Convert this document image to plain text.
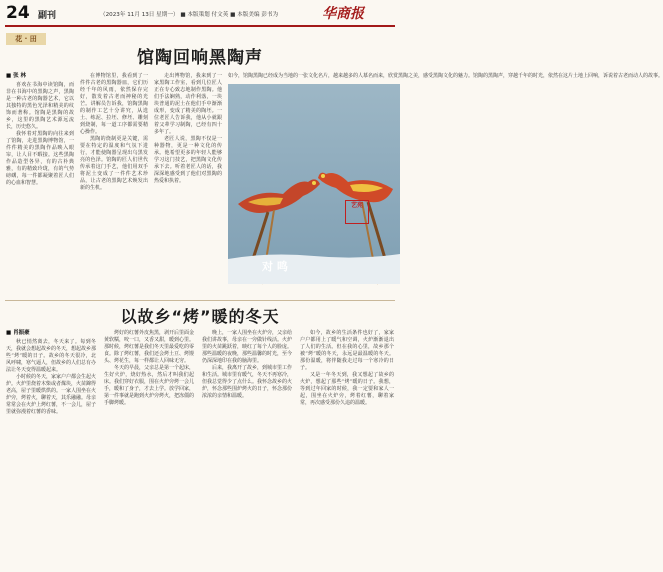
24 副刊	（2023年 11月 13日 星期一） ■ 本版策划 付文英 ■ 本版美编 彭书为	华商报
花 · 田
馆陶回响黑陶声
■ 张 林

喜欢在书海中读馆陶，而非在书海中的黑陶之声，黑陶是一种古老的陶器艺术，它以其独特的黑色光泽和精美的纹饰而著称。馆陶是黑陶的故乡，这里的黑陶艺术源远流长，历史悠久。

我怀着对黑陶的向往来到了馆陶，走进黑陶博物馆，一件件精美的黑陶作品映入眼帘，让人目不暇接。这些黑陶作品造型各异，有的古朴典雅，有的精致玲珑，有的气势磅礴，每一件都凝聚着匠人们的心血和智慧。

在博物馆里，我看到了一件件古老的黑陶器皿，它们历经千年的风雨，依然保存完好，散发着古老而神秘的光芒。讲解员告诉我，馆陶黑陶的制作工艺十分讲究，从选土、练泥、拉坯、修坯、雕刻到烧制，每一道工序都需要精心操作。

黑陶的烧制更是关键，需要在特定的温度和气氛下进行，才能使陶器呈现出乌黑发亮的色泽。馆陶的匠人们世代传承着这门手艺，他们用双手将泥土变成了一件件艺术珍品，让古老的黑陶艺术焕发出新的生机。

走出博物馆，我来到了一家黑陶工作室，看到几位匠人正在专心致志地制作黑陶。他们手法娴熟，动作利落，一块块普通的泥土在他们手中渐渐成形，变成了精美的陶坯。一位老匠人告诉我，他从小就跟着父辈学习制陶，已经有四十多年了。

老匠人说，黑陶不仅是一种器物，更是一种文化的传承。他希望更多的年轻人能够学习这门技艺，把黑陶文化传承下去。听着老匠人的话，我深深地感受到了他们对黑陶的热爱和执着。

如今，馆陶黑陶已经成为当地的一张文化名片，越来越多的人慕名而来，欣赏黑陶之美，感受黑陶文化的魅力。馆陶的黑陶声，穿越千年的时光，依然在这片土地上回响，诉说着古老而动人的故事。

对 鸣
艺苑
以故乡“烤”暖的冬天
■ 肖振豪

秋已悄然离去，冬天来了。每到冬天，我就会想起故乡的冬天，想起故乡那些“烤”暖的日子。故乡的冬天很冷，北风呼啸，寒气逼人，但故乡的人们总有办法让冬天变得温暖起来。

小时候的冬天，家家户户都会生起火炉。火炉里烧着木柴或者煤块，火苗蹿得老高，屋子里暖烘烘的。一家人围坐在火炉旁，烤着火，聊着天，其乐融融。母亲常常会在火炉上烤红薯，不一会儿，屋子里就弥漫着红薯的香味。

烤好的红薯外皮焦黑，剥开后里面金黄软糯，咬一口，又香又甜，暖到心里。那时候，烤红薯是我们冬天里最爱吃的零食。除了烤红薯，我们还会烤土豆、烤馒头、烤花生，每一样都让人回味无穷。

冬天的早晨，父亲总是第一个起床，生好火炉，烧好热水，然后才叫我们起床。我们穿好衣服，围在火炉旁烤一会儿手，暖和了身子，才去上学。放学回家，第一件事就是跑到火炉旁烤火，把冻僵的手脚烤暖。

晚上，一家人围坐在火炉旁，父亲给我们讲故事，母亲在一旁做针线活。火炉里的火苗跳跃着，映红了每个人的脸庞。那些温暖的夜晚，那些温馨的时光，至今仍深深地印在我的脑海里。

后来，我离开了故乡，到城市里工作和生活。城市里有暖气，冬天不再寒冷，但我总觉得少了点什么。我怀念故乡的火炉，怀念那些围炉烤火的日子，怀念那份浓浓的亲情和温暖。

如今，故乡的生活条件也好了，家家户户都用上了暖气和空调，火炉渐渐退出了人们的生活。但在我的心里，故乡那个被“烤”暖的冬天，永远是最温暖的冬天。那份温暖，将伴随我走过每一个寒冷的日子。

又是一年冬天到，我又想起了故乡的火炉，想起了那些“烤”暖的日子。我想，等到过年回家的时候，我一定要和家人一起，围坐在火炉旁，烤着红薯，聊着家常，再次感受那份久违的温暖。
